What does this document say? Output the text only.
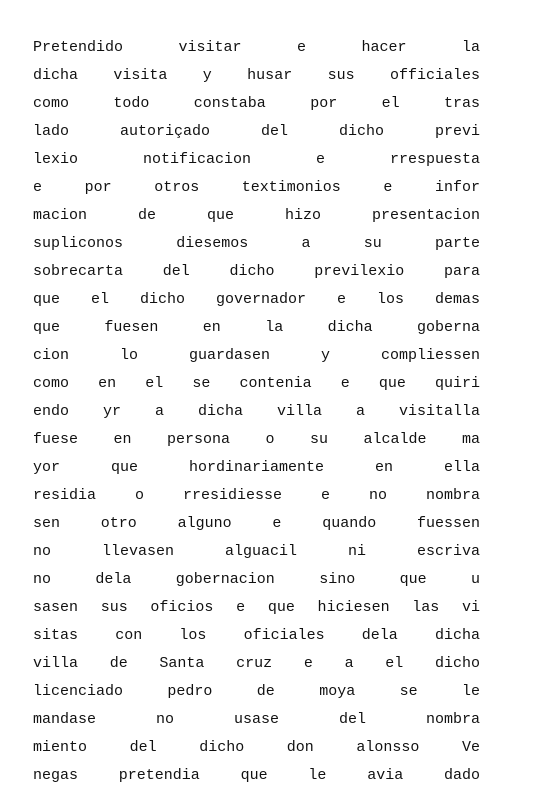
Pretendido visitar e hacer la
dicha visita y husar sus officiales
como todo constaba por el tras
lado autoriçado del dicho previ
lexio notificacion e rrespuesta
e por otros textimonios e infor
macion de que hizo presentacion
supliconos diesemos a su parte
sobrecarta del dicho previlexio para
que el dicho governador e los demas
que fuesen en la dicha goberna
cion lo guardasen y compliessen
como en el se contenia e que quiri
endo yr a dicha villa a visitalla
fuese en persona o su alcalde ma
yor que hordinariamente en ella
residia o rresidiesse e no nombra
sen otro alguno e quando fuessen
no llevasen alguacil ni escriva
no dela gobernacion sino que u
sasen sus oficios e que hiciesen las vi
sitas con los oficiales dela dicha
villa de Santa cruz e a el dicho
licenciado pedro de moya se le
mandase no usase del nombra
miento del dicho don alonsso Ve
negas pretendia que le avia dado
